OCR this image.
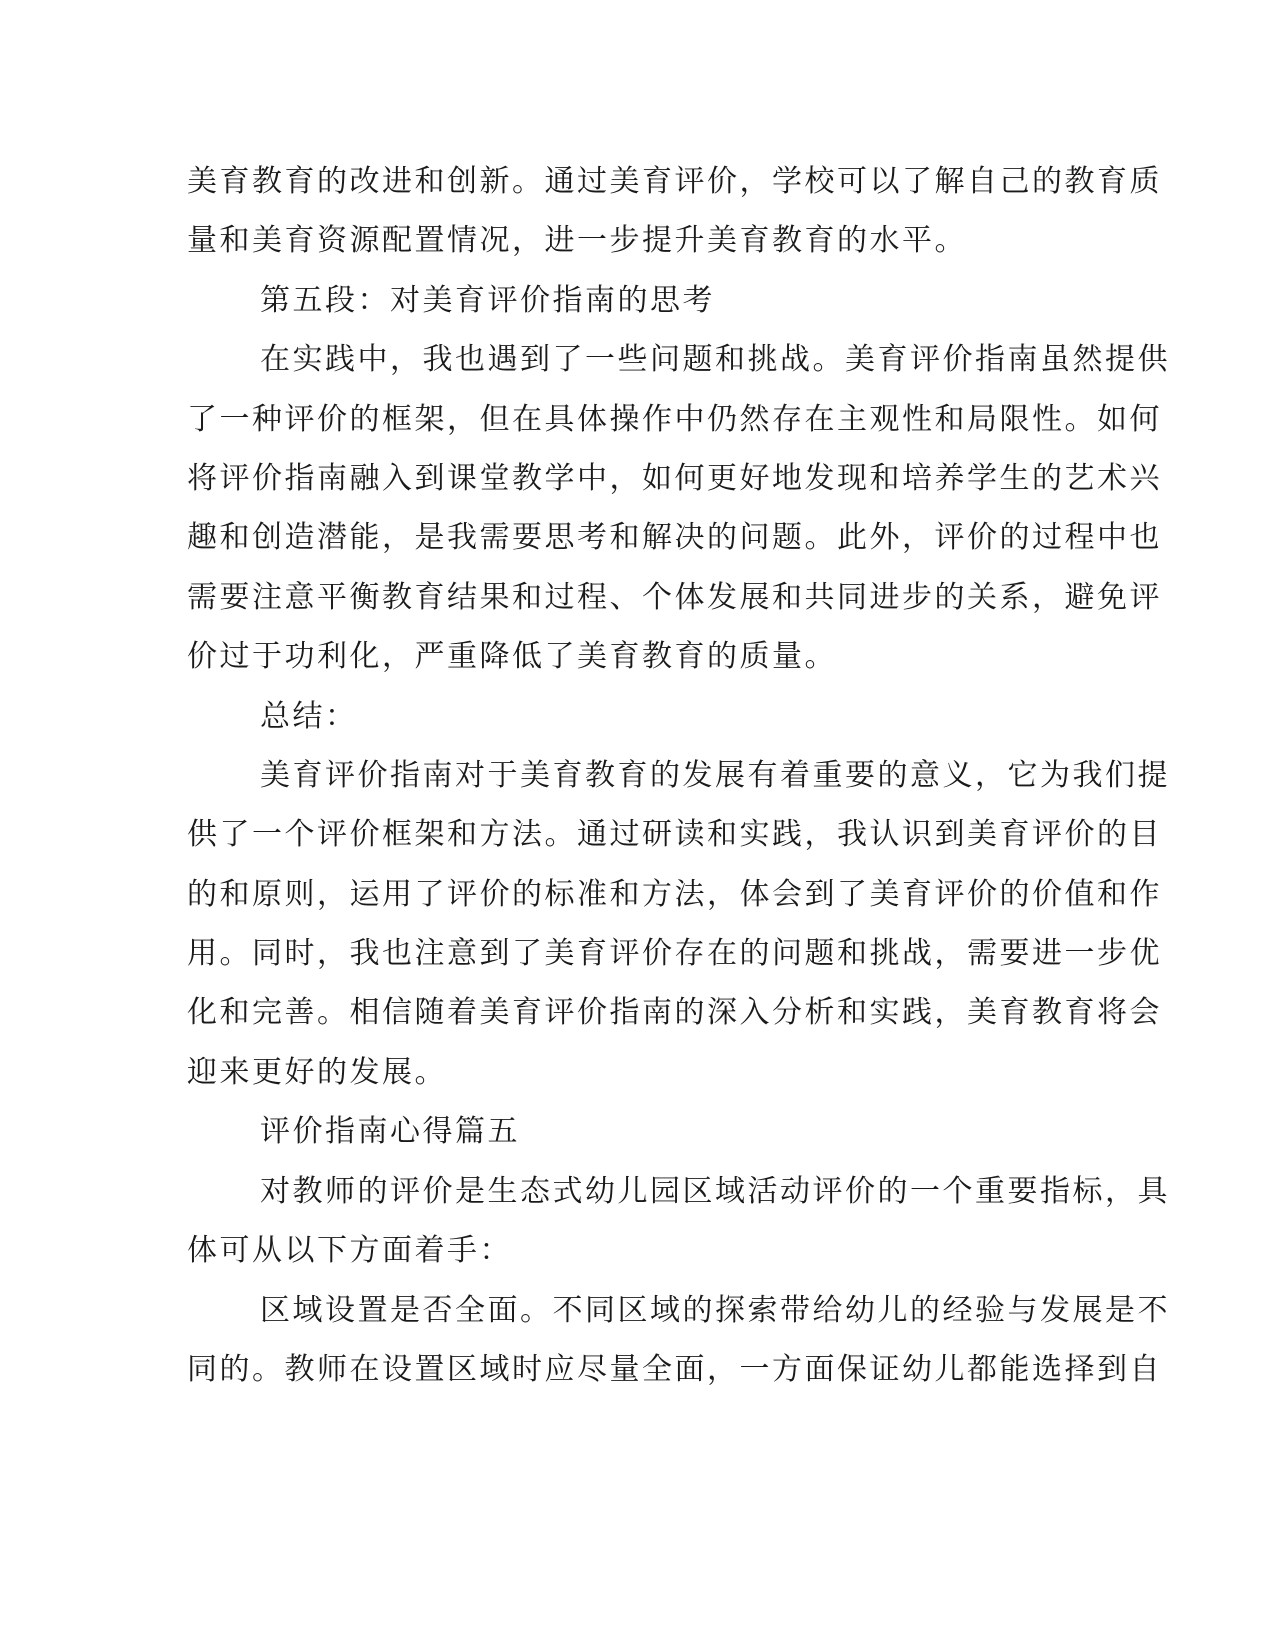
美育教育的改进和创新。通过美育评价，学校可以了解自己的教育质
量和美育资源配置情况，进一步提升美育教育的水平。
第五段：对美育评价指南的思考
在实践中，我也遇到了一些问题和挑战。美育评价指南虽然提供
了一种评价的框架，但在具体操作中仍然存在主观性和局限性。如何
将评价指南融入到课堂教学中，如何更好地发现和培养学生的艺术兴
趣和创造潜能，是我需要思考和解决的问题。此外，评价的过程中也
需要注意平衡教育结果和过程、个体发展和共同进步的关系，避免评
价过于功利化，严重降低了美育教育的质量。
总结：
美育评价指南对于美育教育的发展有着重要的意义，它为我们提
供了一个评价框架和方法。通过研读和实践，我认识到美育评价的目
的和原则，运用了评价的标准和方法，体会到了美育评价的价值和作
用。同时，我也注意到了美育评价存在的问题和挑战，需要进一步优
化和完善。相信随着美育评价指南的深入分析和实践，美育教育将会
迎来更好的发展。
评价指南心得篇五
对教师的评价是生态式幼儿园区域活动评价的一个重要指标，具
体可从以下方面着手：
区域设置是否全面。不同区域的探索带给幼儿的经验与发展是不
同的。教师在设置区域时应尽量全面，一方面保证幼儿都能选择到自
